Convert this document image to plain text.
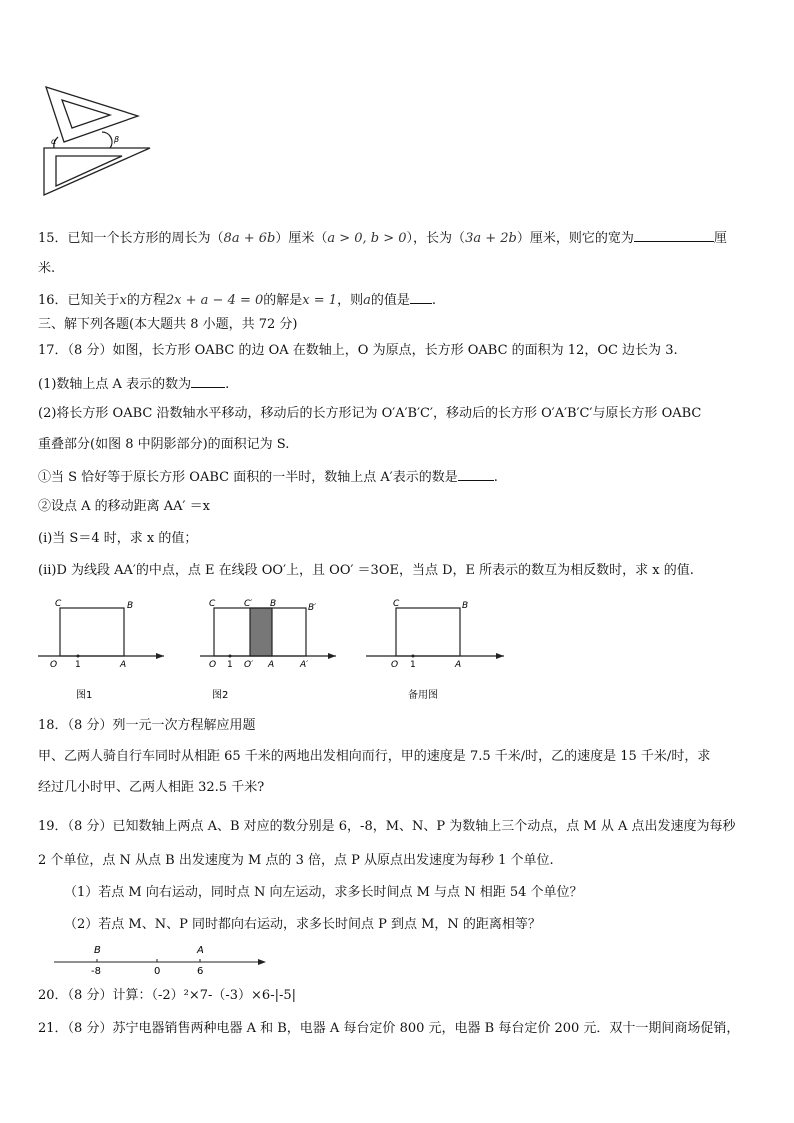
α	β
15．已知一个长方形的周长为（8a + 6b）厘米（a > 0, b > 0），长为（3a + 2b）厘米，则它的宽为	厘
米.
16．已知关于x的方程2x + a − 4 = 0的解是x = 1，则a的值是 .
三、解下列各题(本大题共 8 小题，共 72 分)
17．（8 分）如图，长方形 OABC 的边 OA 在数轴上，O 为原点，长方形 OABC 的面积为 12，OC 边长为 3.
(1)数轴上点 A 表示的数为	.
(2)将长方形 OABC 沿数轴水平移动，移动后的长方形记为 O′A′B′C′，移动后的长方形 O′A′B′C′与原长方形 OABC
重叠部分(如图 8 中阴影部分)的面积记为 S.
①当 S 恰好等于原长方形 OABC 面积的一半时，数轴上点 A′表示的数是	.
②设点 A 的移动距离 AA′ ＝x
(ⅰ)当 S＝4 时，求 x 的值；
(ⅱ)D 为线段 AA′的中点，点 E 在线段 OO′上，且 OO′ ＝3OE，当点 D，E 所表示的数互为相反数时，求 x 的值.
C	B
O 1	A
图1
C	C′ B	B′
O 1 O′ A	A′
图2
C	B
O 1	A
备用图
18．（8 分）列一元一次方程解应用题
甲、乙两人骑自行车同时从相距 65 千米的两地出发相向而行，甲的速度是 7.5 千米/时，乙的速度是 15 千米/时，求
经过几小时甲、乙两人相距 32.5 千米?
19．（8 分）已知数轴上两点 A、B 对应的数分别是 6，-8，M、N、P 为数轴上三个动点，点 M 从 A 点出发速度为每秒
2 个单位，点 N 从点 B 出发速度为 M 点的 3 倍，点 P 从原点出发速度为每秒 1 个单位.
（1）若点 M 向右运动，同时点 N 向左运动，求多长时间点 M 与点 N 相距 54 个单位？
（2）若点 M、N、P 同时都向右运动，求多长时间点 P 到点 M，N 的距离相等？
B
-8	0
A
6
20．（8 分）计算：（-2）²×7-（-3）×6-|-5|
21．（8 分）苏宁电器销售两种电器 A 和 B，电器 A 每台定价 800 元，电器 B 每台定价 200 元．双十一期间商场促销，
